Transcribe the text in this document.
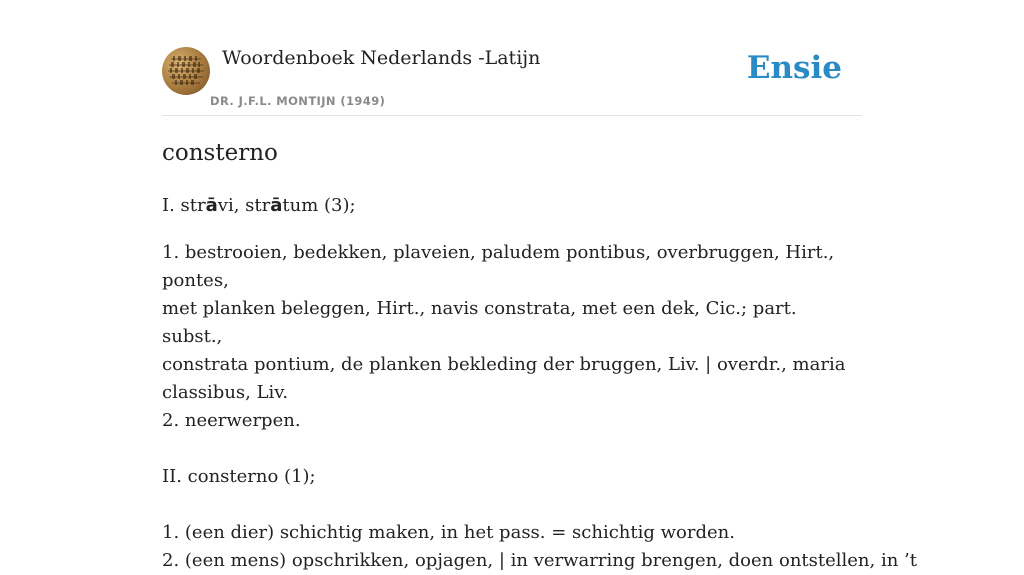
Woordenboek Nederlands -Latijn
DR. J.F.L. MONTIJN (1949)
Ensie
consterno

I. strāvi, strātum (3);

1. bestrooien, bedekken, plaveien, paludem pontibus, overbruggen, Hirt., pontes,

met planken beleggen, Hirt., navis constrata, met een dek, Cic.; part. subst.,

constrata pontium, de planken bekleding der bruggen, Liv. | overdr., maria

classibus, Liv.

2. neerwerpen.

II. consterno (1);

1. (een dier) schichtig maken, in het pass. = schichtig worden.

2. (een mens) opschrikken, opjagen, | in verwarring brengen, doen ontstellen, in ’t
